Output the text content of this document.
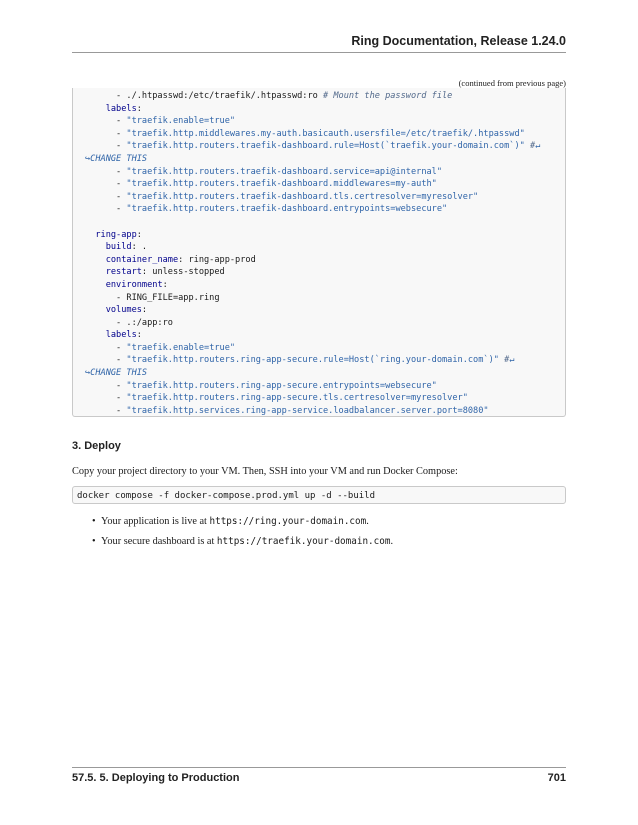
Ring Documentation, Release 1.24.0
(continued from previous page)
- ./.htpasswd:/etc/traefik/.htpasswd:ro # Mount the password file
labels:
- "traefik.enable=true"
- "traefik.http.middlewares.my-auth.basicauth.usersfile=/etc/traefik/.htpasswd"
- "traefik.http.routers.traefik-dashboard.rule=Host(`traefik.your-domain.com`)" #↵
↪CHANGE THIS
- "traefik.http.routers.traefik-dashboard.service=api@internal"
- "traefik.http.routers.traefik-dashboard.middlewares=my-auth"
- "traefik.http.routers.traefik-dashboard.tls.certresolver=myresolver"
- "traefik.http.routers.traefik-dashboard.entrypoints=websecure"
ring-app:
build: .
container_name: ring-app-prod
restart: unless-stopped
environment:
- RING_FILE=app.ring
volumes:
- .:/app:ro
labels:
- "traefik.enable=true"
- "traefik.http.routers.ring-app-secure.rule=Host(`ring.your-domain.com`)" #↵
↪CHANGE THIS
- "traefik.http.routers.ring-app-secure.entrypoints=websecure"
- "traefik.http.routers.ring-app-secure.tls.certresolver=myresolver"
- "traefik.http.services.ring-app-service.loadbalancer.server.port=8080"
3. Deploy
Copy your project directory to your VM. Then, SSH into your VM and run Docker Compose:
docker compose -f docker-compose.prod.yml up -d --build
• Your application is live at https://ring.your-domain.com.
• Your secure dashboard is at https://traefik.your-domain.com.
57.5. 5. Deploying to Production	701
